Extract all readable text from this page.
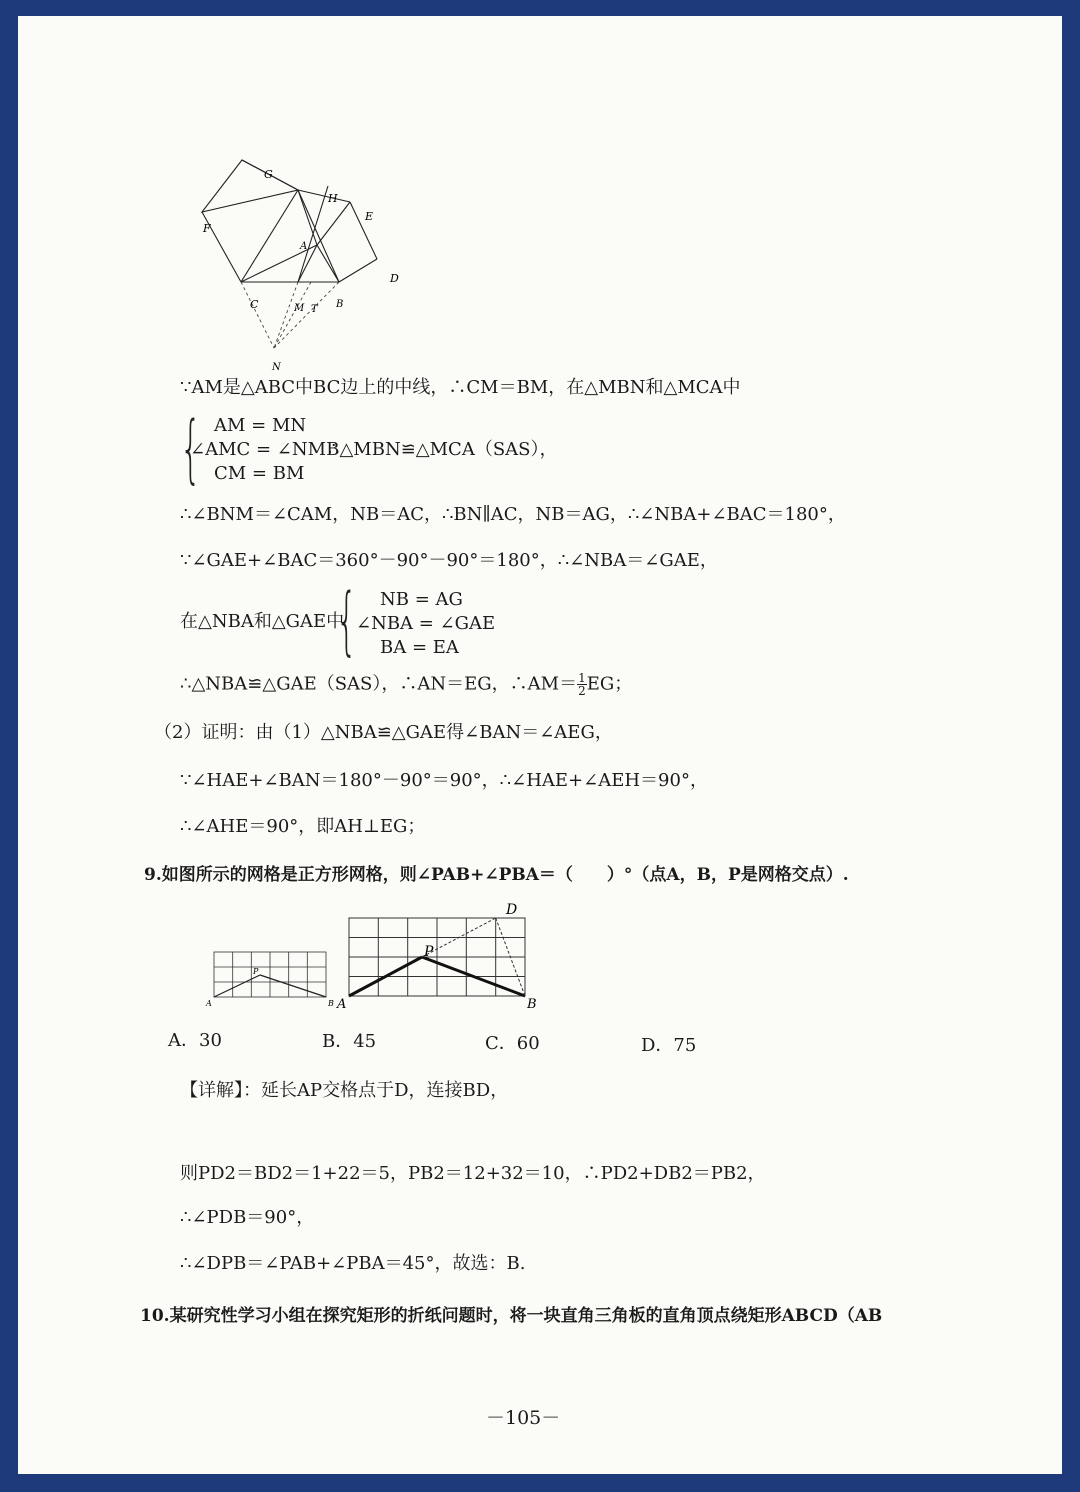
G
H
E
F
A
D
C	M T B
N
∵AM是△ABC中BC边上的中线，∴CM＝BM，在△MBN和△MCA中
{ AM = MN
∠AMC = ∠NMB
∴△MBN≌△MCA（SAS），
CM = BM
∴∠BNM＝∠CAM，NB＝AC，∴BN∥AC，NB＝AG，∴∠NBA+∠BAC＝180°，
∵∠GAE+∠BAC＝360°－90°－90°＝180°，∴∠NBA＝∠GAE，
在△NBA和△GAE中
{ NB = AG
∠NBA = ∠GAE
BA = EA
∴△NBA≌△GAE（SAS），∴AN＝EG，∴AM＝ $\frac{1}{2}$ EG；
（2）证明：由（1）△NBA≌△GAE得∠BAN＝∠AEG，
∵∠HAE+∠BAN＝180°－90°＝90°，∴∠HAE+∠AEH＝90°，
∴∠AHE＝90°，即AH⊥EG；
9.如图所示的网格是正方形网格，则∠PAB+∠PBA＝（　　）°（点A，B，P是网格交点）.
P
A	B
D
P
A	B
A．30	B．45	C．60	D．75
【详解】：延长AP交格点于D，连接BD，
则PD2＝BD2＝1+22＝5，PB2＝12+32＝10，∴PD2+DB2＝PB2，
∴∠PDB＝90°，
∴∠DPB＝∠PAB+∠PBA＝45°，故选：B.
10.某研究性学习小组在探究矩形的折纸问题时，将一块直角三角板的直角顶点绕矩形ABCD（AB
－105－
